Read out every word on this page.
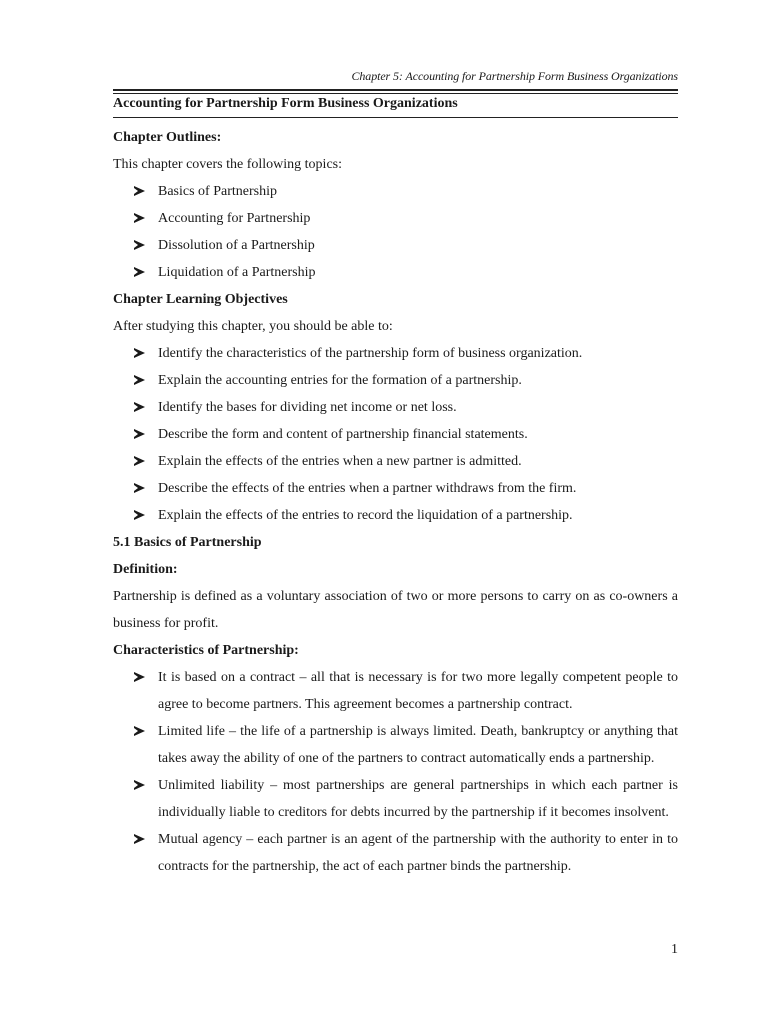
Chapter 5: Accounting for Partnership Form Business Organizations
Accounting for Partnership Form Business Organizations

Chapter Outlines:

This chapter covers the following topics:

Basics of Partnership
Accounting for Partnership
Dissolution of a Partnership
Liquidation of a Partnership

Chapter Learning Objectives

After studying this chapter, you should be able to:

Identify the characteristics of the partnership form of business organization.
Explain the accounting entries for the formation of a partnership.
Identify the bases for dividing net income or net loss.
Describe the form and content of partnership financial statements.
Explain the effects of the entries when a new partner is admitted.
Describe the effects of the entries when a partner withdraws from the firm.
Explain the effects of the entries to record the liquidation of a partnership.

5.1 Basics of Partnership

Definition:

Partnership is defined as a voluntary association of two or more persons to carry on as co-owners a business for profit.

Characteristics of Partnership:

It is based on a contract – all that is necessary is for two more legally competent people to agree to become partners. This agreement becomes a partnership contract.
Limited life – the life of a partnership is always limited. Death, bankruptcy or anything that takes away the ability of one of the partners to contract automatically ends a partnership.
Unlimited liability – most partnerships are general partnerships in which each partner is individually liable to creditors for debts incurred by the partnership if it becomes insolvent.
Mutual agency – each partner is an agent of the partnership with the authority to enter in to contracts for the partnership, the act of each partner binds the partnership.
1
